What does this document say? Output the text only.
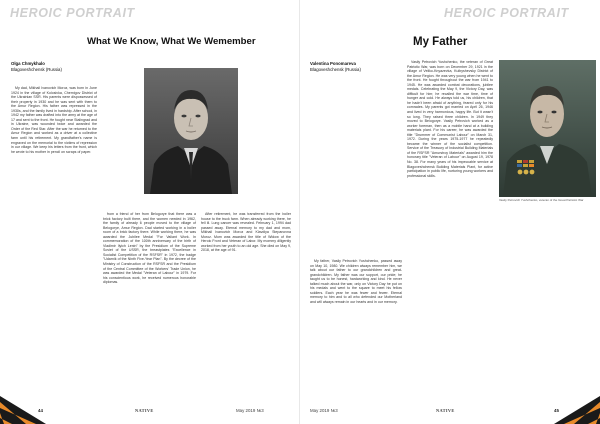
HEROIC PORTRAIT
What We Know, What We Wemember
Olga Chmykhalo
Blagoveshchensk (Russia)

My dad, Mikhail Ivanovich Moroz, was born in June 1924 in the village of Kolosivka, Chernigov District of the Ukrainian SSR. His parents were dispossessed of their property in 1930 and he was sent with them to the Amur Region. His father was repressed in the 1930s, and the family lived in hardship. After school, in 1942 my father was drafted into the army at the age of 17 and sent to the front. He fought near Stalingrad and in Ukraine, was wounded twice and awarded the Order of the Red Star. After the war he returned to the Amur Region and worked as a driver at a collective farm until his retirement. My grandfather's name is engraved on the memorial to the victims of repression in our village. We keep his letters from the front, which he wrote to his mother in pencil on scraps of paper.

from a friend of her from Belogorye that there was a brick factory built there, and the women needed in 1962, the family of already 6 people moved to the village of Belogorye, Amur Region. Dad started working in a boiler room of a brick factory there. While working there, he was awarded the Jubilee Medal "For Valiant Work. In commemoration of the 100th anniversary of the birth of Vladimir Ilyich Lenin" by the Presidium of the Supreme Soviet of the USSR, the breastplates "Excellence in Socialist Competition of the RSFSR" in 1972, the badge "Udarnik of the Ninth Five-Year Plan". By the decree of the Ministry of Construction of the RSFSR and the Presidium of the Central Committee of the Workers' Trade Union, he was awarded the Medal "Veteran of Labour" in 1979. For his conscientious work, he received numerous honorable diplomas.

After retirement, he was transferred from the boiler house to the truck farm. When already working there, he fell ill. Lung cancer was revealed. February 1, 1994 dad passed away. Eternal memory to my dad and mom, Mikhail Ivanovich Moroz and Klavdiya Stepanovna Moroz. Mom was awarded the title of Widow of the Heroic Front and Veteran of Labor. My mommy diligently worked from her youth to an old age. She died on May 9, 2018, at the age of 91.

44	NATIVE	May 2019 №3
HEROIC PORTRAIT
My Father
Valentina Ponomareva
Blagoveshchensk (Russia)

Vasily Petrovich Yushchenko, the veteran of Great Patriotic War, was born on December 29, 1921 in the village of Veliko-Knyazevka, Kuibyshevsky District of the Amur Region. He was very young when he went to the front. He fought throughout the war from 1941 to 1945. He was awarded combat decorations, jubilee medals. Celebrating the May 9, the Victory Day, was difficult for him; he recalled the war time, time of hunger and cold. He always told us, his children, that he hadn't been afraid of anything, feared only for his comrades. My parents got married on April 26, 1946 and lived in very harmonious, happy life. But it wasn't so long. They raised three children. In 1949 they moved to Belogorye. Vasily Petrovich worked as a worker foreman, then as a mobile hand at a building materials plant. For his career, he was awarded the title "Drummer of Communist Labour" on March 31, 1972. During the years 1975-1977 he repeatedly became the winner of the socialist competition. Service of the Treasury of Industrial Building Materials of the RSFSR "Amurstroy Materials" awarded him the honorary title "Veteran of Labour" on August 19, 1978 No. 38. For many years of his impeccable service at Blagoveshchensk Building Materials Plant, for active participation in public life, nurturing young workers and professional skills.

Vasily Petrovich Yushchenko, veteran of the Great Patriotic War

My father, Vasily Petrovich Yushchenko, passed away on May 10, 1980. We children always remember him, we talk about our father to our grandchildren and great-grandchildren. My father was our support, our pride; he taught us to be honest, hardworking and kind. He never talked much about the war, only on Victory Day he put on his medals and went to the square to meet his fellow soldiers. Each year he was fewer and fewer. Eternal memory to him and to all who defended our Motherland and will always remain in our hearts and in our memory.

May 2019 №3	NATIVE	45
